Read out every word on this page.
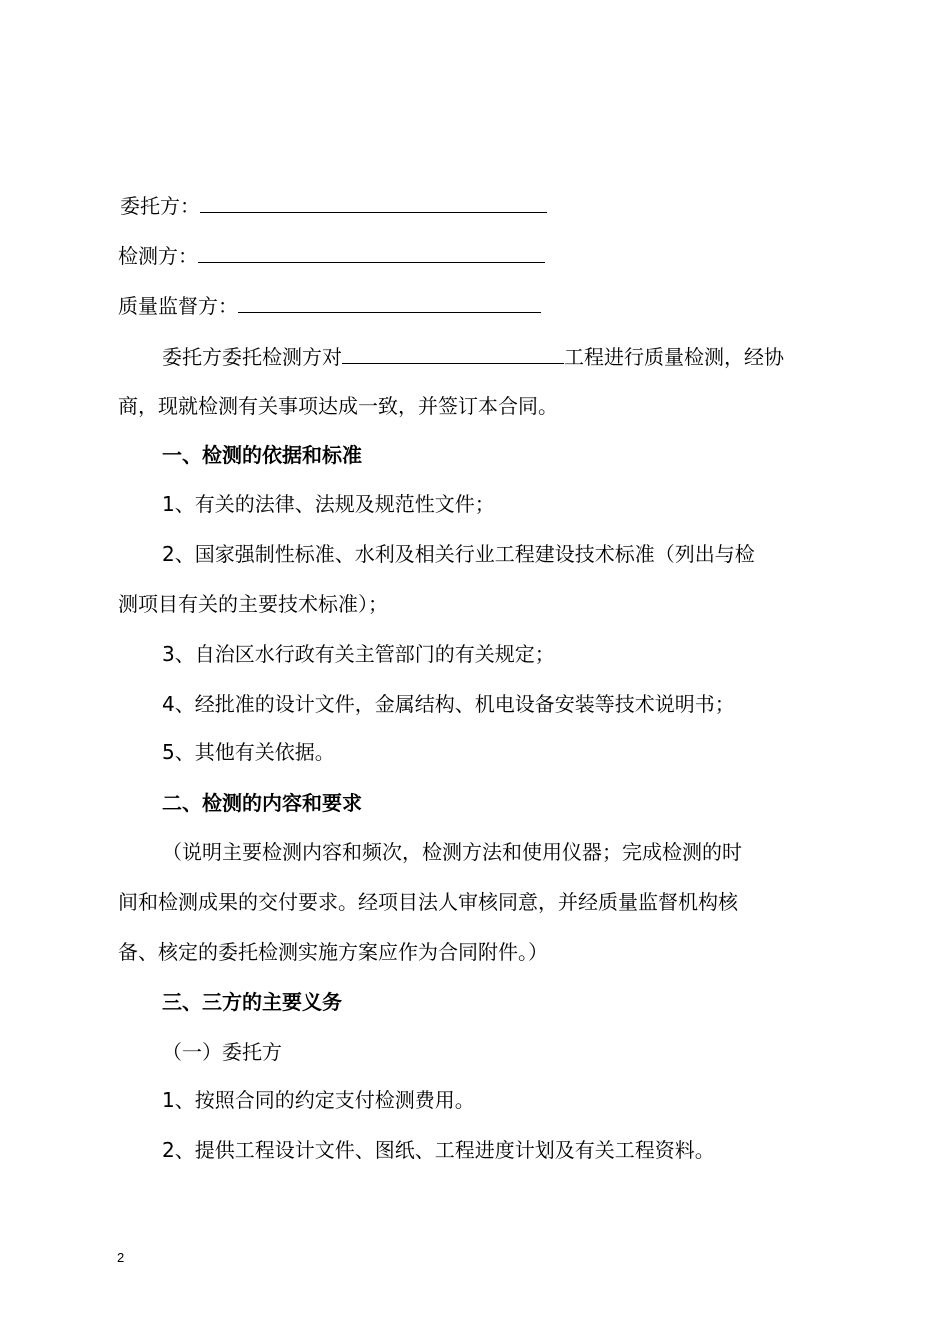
委托方：
检测方：
质量监督方：
委托方委托检测方对	工程进行质量检测，经协
商，现就检测有关事项达成一致，并签订本合同。
一、检测的依据和标准
1、有关的法律、法规及规范性文件；
2、国家强制性标准、水利及相关行业工程建设技术标准（列出与检
测项目有关的主要技术标准）；
3、自治区水行政有关主管部门的有关规定；
4、经批准的设计文件，金属结构、机电设备安装等技术说明书；
5、其他有关依据。
二、检测的内容和要求
（说明主要检测内容和频次，检测方法和使用仪器；完成检测的时
间和检测成果的交付要求。经项目法人审核同意，并经质量监督机构核
备、核定的委托检测实施方案应作为合同附件。）
三、三方的主要义务
（一）委托方
1、按照合同的约定支付检测费用。
2、提供工程设计文件、图纸、工程进度计划及有关工程资料。
2
